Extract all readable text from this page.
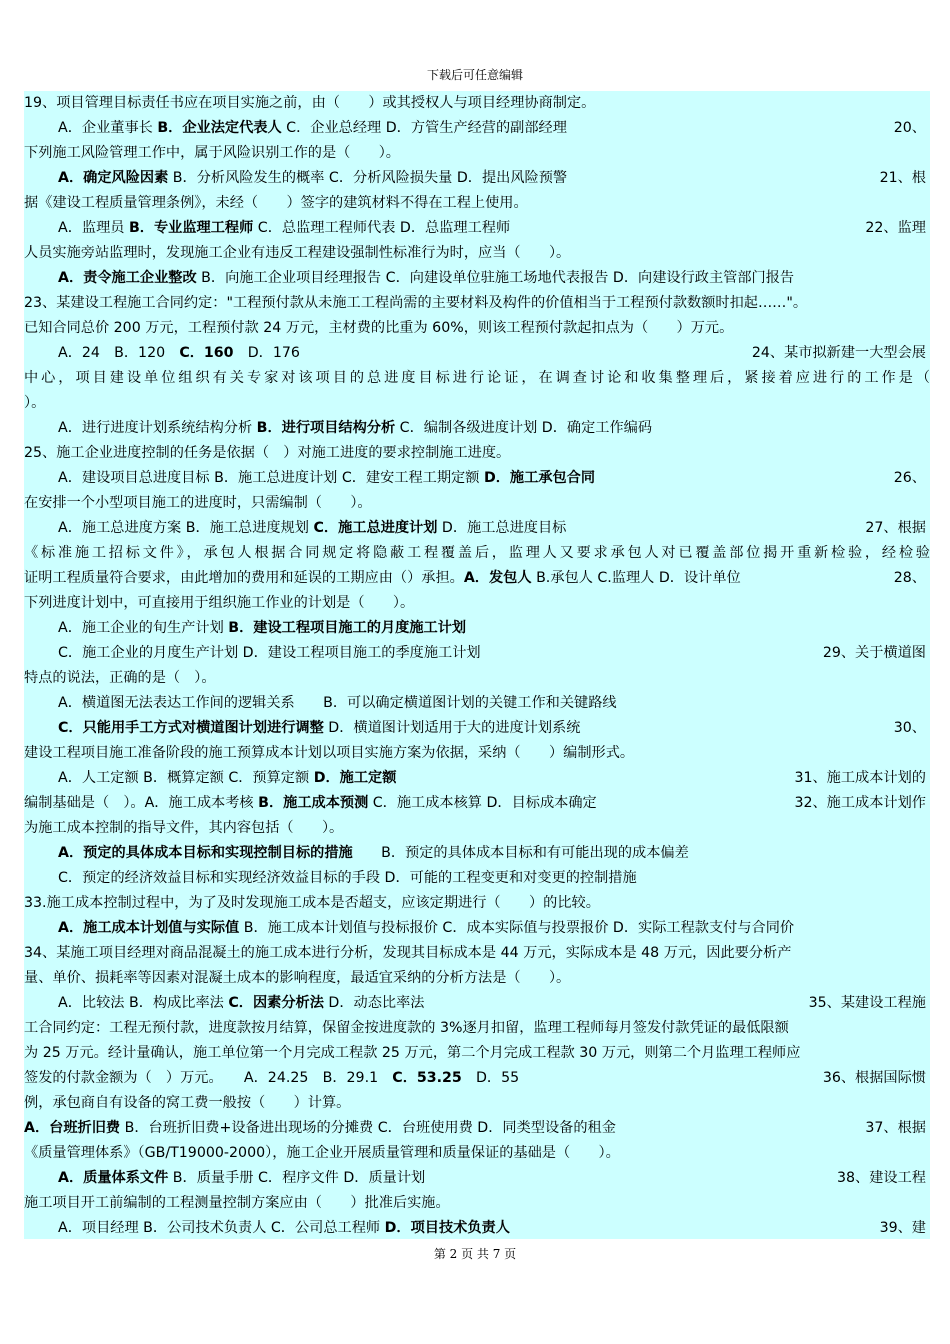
下载后可任意编辑
19、项目管理目标责任书应在项目实施之前，由（　　）或其授权人与项目经理协商制定。
A．企业董事长 B．企业法定代表人 C．企业总经理 D．方管生产经营的副部经理	20、
下列施工风险管理工作中，属于风险识别工作的是（　　）。
A．确定风险因素 B．分析风险发生的概率 C．分析风险损失量 D．提出风险预警	21、根
据《建设工程质量管理条例》，未经（　　）签字的建筑材料不得在工程上使用。
A．监理员 B．专业监理工程师 C．总监理工程师代表 D．总监理工程师	22、监理
人员实施旁站监理时，发现施工企业有违反工程建设强制性标准行为时，应当（　　）。
A．责令施工企业整改 B．向施工企业项目经理报告 C．向建设单位驻施工场地代表报告 D．向建设行政主管部门报告
23、某建设工程施工合同约定："工程预付款从未施工工程尚需的主要材料及构件的价值相当于工程预付款数额时扣起……"。
已知合同总价 200 万元，工程预付款 24 万元，主材费的比重为 60%，则该工程预付款起扣点为（　　）万元。
A．24　B．120　C．160　D．176	24、某市拟新建一大型会展
中心，项目建设单位组织有关专家对该项目的总进度目标进行论证，在调查讨论和收集整理后，紧接着应进行的工作是（
）。
A．进行进度计划系统结构分析 B．进行项目结构分析 C．编制各级进度计划 D．确定工作编码
25、施工企业进度控制的任务是依据（　）对施工进度的要求控制施工进度。
A．建设项目总进度目标 B．施工总进度计划 C．建安工程工期定额 D．施工承包合同	26、
在安排一个小型项目施工的进度时，只需编制（　　）。
A．施工总进度方案 B．施工总进度规划 C．施工总进度计划 D．施工总进度目标	27、根据
《标准施工招标文件》，承包人根据合同规定将隐蔽工程覆盖后，监理人又要求承包人对已覆盖部位揭开重新检验，经检验
证明工程质量符合要求，由此增加的费用和延误的工期应由（）承担。A．发包人 B.承包人 C.监理人 D．设计单位	28、
下列进度计划中，可直接用于组织施工作业的计划是（　　）。
A．施工企业的旬生产计划 B．建设工程项目施工的月度施工计划
C．施工企业的月度生产计划 D．建设工程项目施工的季度施工计划	29、关于横道图
特点的说法，正确的是（　）。
A．横道图无法表达工作间的逻辑关系　　B．可以确定横道图计划的关键工作和关键路线
C．只能用手工方式对横道图计划进行调整 D．横道图计划适用于大的进度计划系统	30、
建设工程项目施工准备阶段的施工预算成本计划以项目实施方案为依据，采纳（　　）编制形式。
A．人工定额 B．概算定额 C．预算定额 D．施工定额	31、施工成本计划的
编制基础是（　）。A．施工成本考核 B．施工成本预测 C．施工成本核算 D．目标成本确定	32、施工成本计划作
为施工成本控制的指导文件，其内容包括（　　）。
A．预定的具体成本目标和实现控制目标的措施　　B．预定的具体成本目标和有可能出现的成本偏差
C．预定的经济效益目标和实现经济效益目标的手段 D．可能的工程变更和对变更的控制措施
33.施工成本控制过程中，为了及时发现施工成本是否超支，应该定期进行（　　）的比较。
A．施工成本计划值与实际值 B．施工成本计划值与投标报价 C．成本实际值与投票报价 D．实际工程款支付与合同价
34、某施工项目经理对商品混凝土的施工成本进行分析，发现其目标成本是 44 万元，实际成本是 48 万元，因此要分析产
量、单价、损耗率等因素对混凝土成本的影响程度，最适宜采纳的分析方法是（　　）。
A．比较法 B．构成比率法 C．因素分析法 D．动态比率法	35、某建设工程施
工合同约定：工程无预付款，进度款按月结算，保留金按进度款的 3%逐月扣留，监理工程师每月签发付款凭证的最低限额
为 25 万元。经计量确认，施工单位第一个月完成工程款 25 万元，第二个月完成工程款 30 万元，则第二个月监理工程师应
签发的付款金额为（　）万元。　　A．24.25　B．29.1　C．53.25　D．55	36、根据国际惯
例，承包商自有设备的窝工费一般按（　　）计算。
A．台班折旧费 B．台班折旧费+设备进出现场的分摊费 C．台班使用费 D．同类型设备的租金	37、根据
《质量管理体系》（GB/T19000-2000），施工企业开展质量管理和质量保证的基础是（　　）。
A．质量体系文件 B．质量手册 C．程序文件 D．质量计划	38、建设工程
施工项目开工前编制的工程测量控制方案应由（　　）批准后实施。
A．项目经理 B．公司技术负责人 C．公司总工程师 D．项目技术负责人	39、建
第 2 页 共 7 页
